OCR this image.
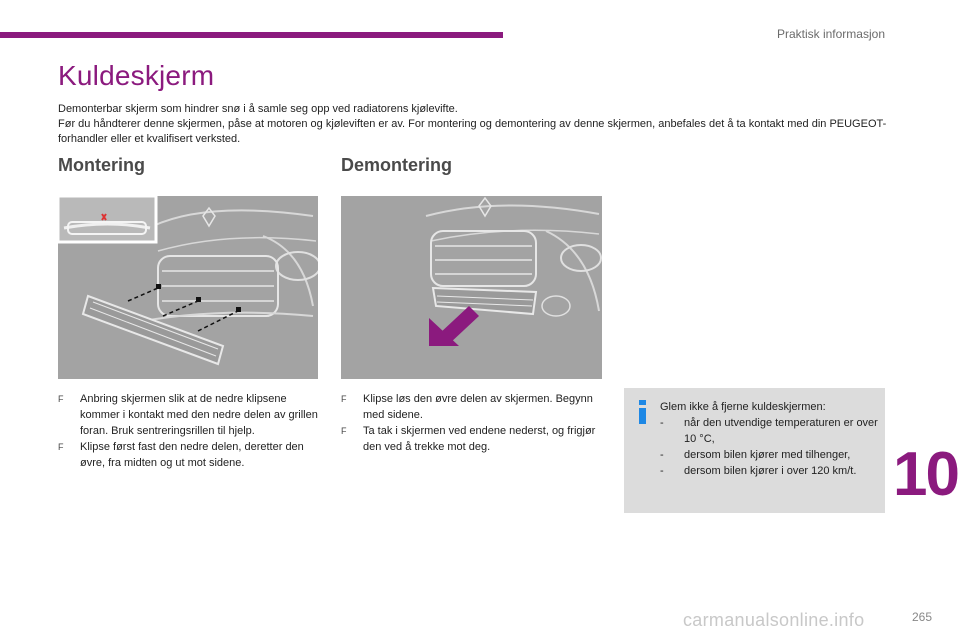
Praktisk informasjon
Kuldeskjerm

Demonterbar skjerm som hindrer snø i å samle seg opp ved radiatorens kjølevifte.

Før du håndterer denne skjermen, påse at motoren og kjøleviften er av. For montering og demontering av denne skjermen, anbefales det å ta kontakt med din PEUGEOT-forhandler eller et kvalifisert verksted.

Montering	Demontering
F Anbring skjermen slik at de nedre klipsene kommer i kontakt med den nedre delen av grillen foran. Bruk sentreringsrillen til hjelp.
F Klipse først fast den nedre delen, deretter den øvre, fra midten og ut mot sidene.
F Klipse løs den øvre delen av skjermen. Begynn med sidene.
F Ta tak i skjermen ved endene nederst, og frigjør den ved å trekke mot deg.
Glem ikke å fjerne kuldeskjermen:
- når den utvendige temperaturen er over 10 °C,
- dersom bilen kjører med tilhenger,
- dersom bilen kjører i over 120 km/t. 10
carmanualsonline.info	265
